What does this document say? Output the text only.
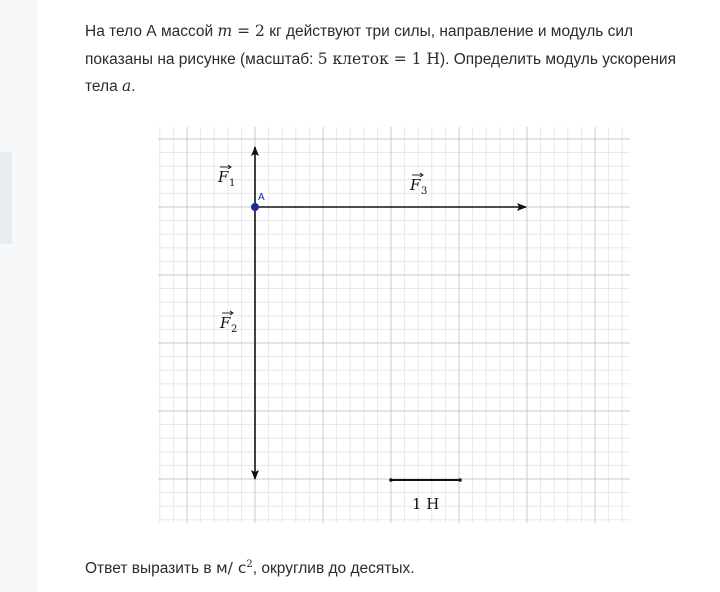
На тело А массой m = 2 кг действуют три силы, направление и модуль сил показаны на рисунке (масштаб: 5 клеток = 1 Н). Определить модуль ускорения тела a.

A
F 1
F 2
F 3
1 H
Ответ выразить в м/ $с^2$, округлив до десятых.
